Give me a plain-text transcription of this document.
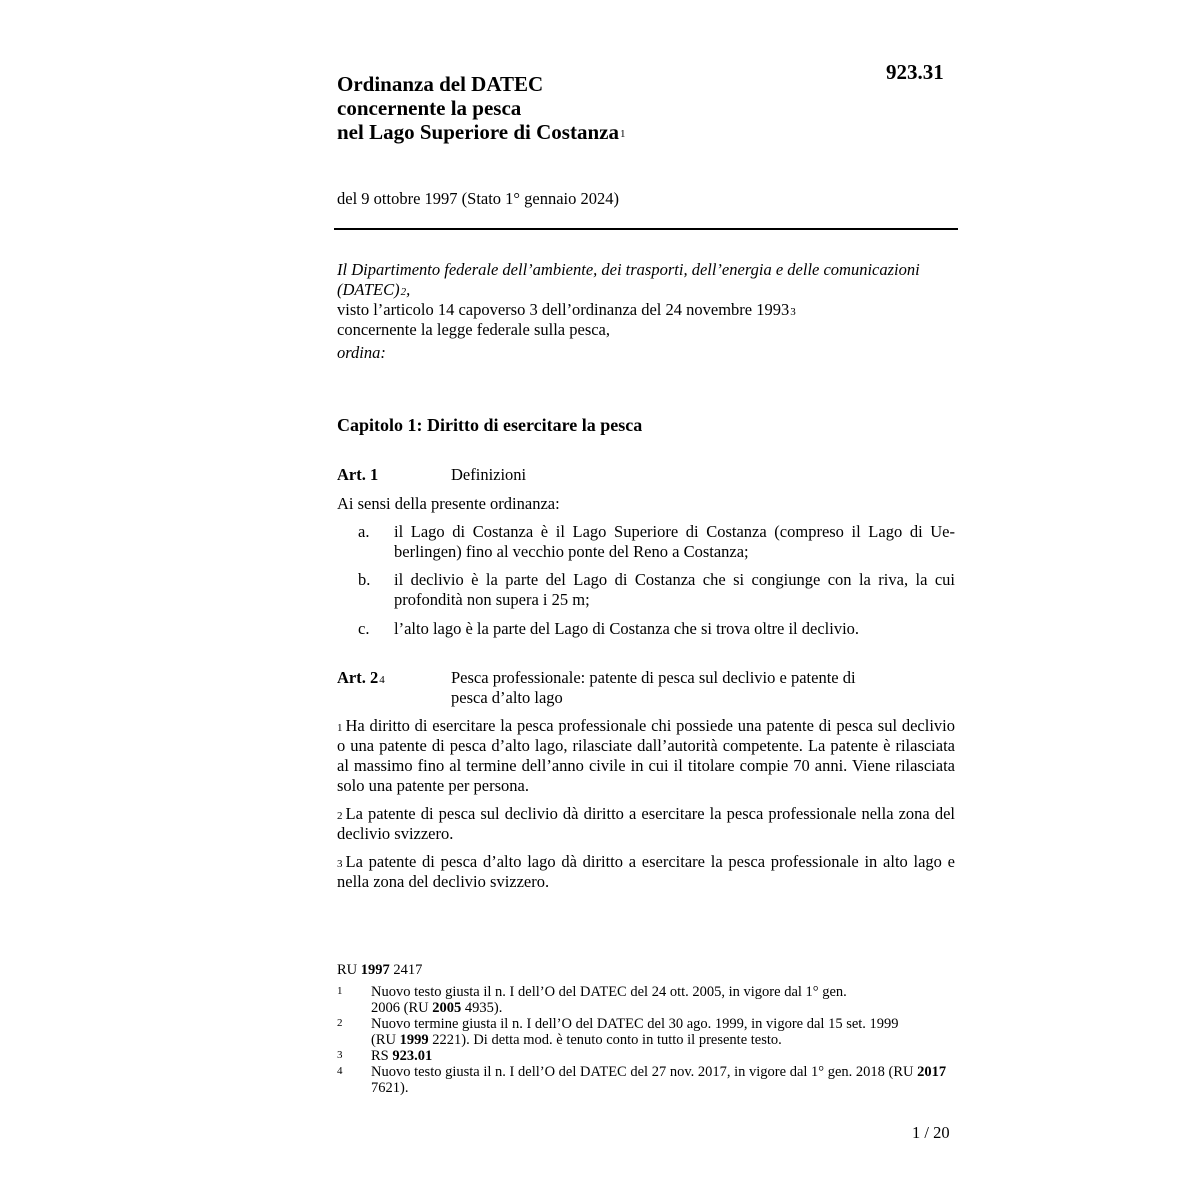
923.31
Ordinanza del DATEC
concernente la pesca
nel Lago Superiore di Costanza$^1$
del 9 ottobre 1997 (Stato 1° gennaio 2024)

Il Dipartimento federale dell’ambiente, dei trasporti, dell’energia e delle comunicazioni (DATEC)$^2$,

visto l’articolo 14 capoverso 3 dell’ordinanza del 24 novembre 1993$^3$
concernente la legge federale sulla pesca,

ordina:

Capitolo 1: Diritto di esercitare la pesca
Art. 1	Definizioni
Ai sensi della presente ordinanza:
a. il Lago di Costanza è il Lago Superiore di Costanza (compreso il Lago di Ue-berlingen) fino al vecchio ponte del Reno a Costanza;
b. il declivio è la parte del Lago di Costanza che si congiunge con la riva, la cui profondità non supera i 25 m;
c. l’alto lago è la parte del Lago di Costanza che si trova oltre il declivio.
Art. 2$^4$	Pesca professionale: patente di pesca sul declivio e patente di pesca d’alto lago
$^1$ Ha diritto di esercitare la pesca professionale chi possiede una patente di pesca sul declivio o una patente di pesca d’alto lago, rilasciate dall’autorità competente. La patente è rilasciata al massimo fino al termine dell’anno civile in cui il titolare compie 70 anni. Viene rilasciata solo una patente per persona.
$^2$ La patente di pesca sul declivio dà diritto a esercitare la pesca professionale nella zona del declivio svizzero.
$^3$ La patente di pesca d’alto lago dà diritto a esercitare la pesca professionale in alto lago e nella zona del declivio svizzero.
RU 1997 2417
1 Nuovo testo giusta il n. I dell’O del DATEC del 24 ott. 2005, in vigore dal 1° gen. 2006 (RU 2005 4935).
2 Nuovo termine giusta il n. I dell’O del DATEC del 30 ago. 1999, in vigore dal 15 set. 1999 (RU 1999 2221). Di detta mod. è tenuto conto in tutto il presente testo.
3 RS 923.01
4 Nuovo testo giusta il n. I dell’O del DATEC del 27 nov. 2017, in vigore dal 1° gen. 2018 (RU 2017 7621).
1 / 20
